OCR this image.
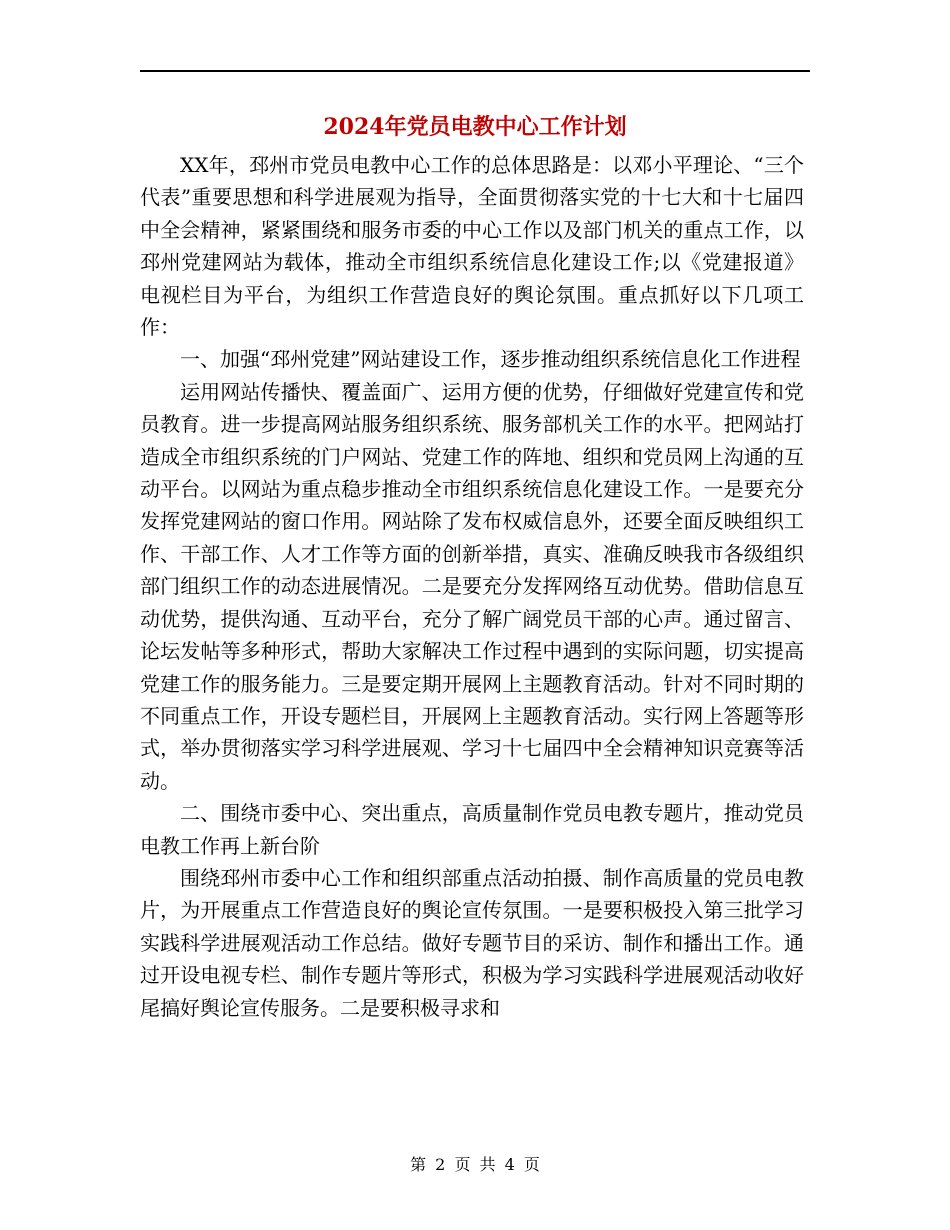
2024年党员电教中心工作计划

XX年，邳州市党员电教中心工作的总体思路是：以邓小平理论、“三个代表”重要思想和科学进展观为指导，全面贯彻落实党的十七大和十七届四中全会精神，紧紧围绕和服务市委的中心工作以及部门机关的重点工作，以邳州党建网站为载体，推动全市组织系统信息化建设工作;以《党建报道》电视栏目为平台，为组织工作营造良好的舆论氛围。重点抓好以下几项工作：

一、加强“邳州党建”网站建设工作，逐步推动组织系统信息化工作进程

运用网站传播快、覆盖面广、运用方便的优势，仔细做好党建宣传和党员教育。进一步提高网站服务组织系统、服务部机关工作的水平。把网站打造成全市组织系统的门户网站、党建工作的阵地、组织和党员网上沟通的互动平台。以网站为重点稳步推动全市组织系统信息化建设工作。一是要充分发挥党建网站的窗口作用。网站除了发布权威信息外，还要全面反映组织工作、干部工作、人才工作等方面的创新举措，真实、准确反映我市各级组织部门组织工作的动态进展情况。二是要充分发挥网络互动优势。借助信息互动优势，提供沟通、互动平台，充分了解广阔党员干部的心声。通过留言、论坛发帖等多种形式，帮助大家解决工作过程中遇到的实际问题，切实提高党建工作的服务能力。三是要定期开展网上主题教育活动。针对不同时期的不同重点工作，开设专题栏目，开展网上主题教育活动。实行网上答题等形式，举办贯彻落实学习科学进展观、学习十七届四中全会精神知识竞赛等活动。

二、围绕市委中心、突出重点，高质量制作党员电教专题片，推动党员电教工作再上新台阶

围绕邳州市委中心工作和组织部重点活动拍摄、制作高质量的党员电教片，为开展重点工作营造良好的舆论宣传氛围。一是要积极投入第三批学习实践科学进展观活动工作总结。做好专题节目的采访、制作和播出工作。通过开设电视专栏、制作专题片等形式，积极为学习实践科学进展观活动收好尾搞好舆论宣传服务。二是要积极寻求和

第 2 页 共 4 页
